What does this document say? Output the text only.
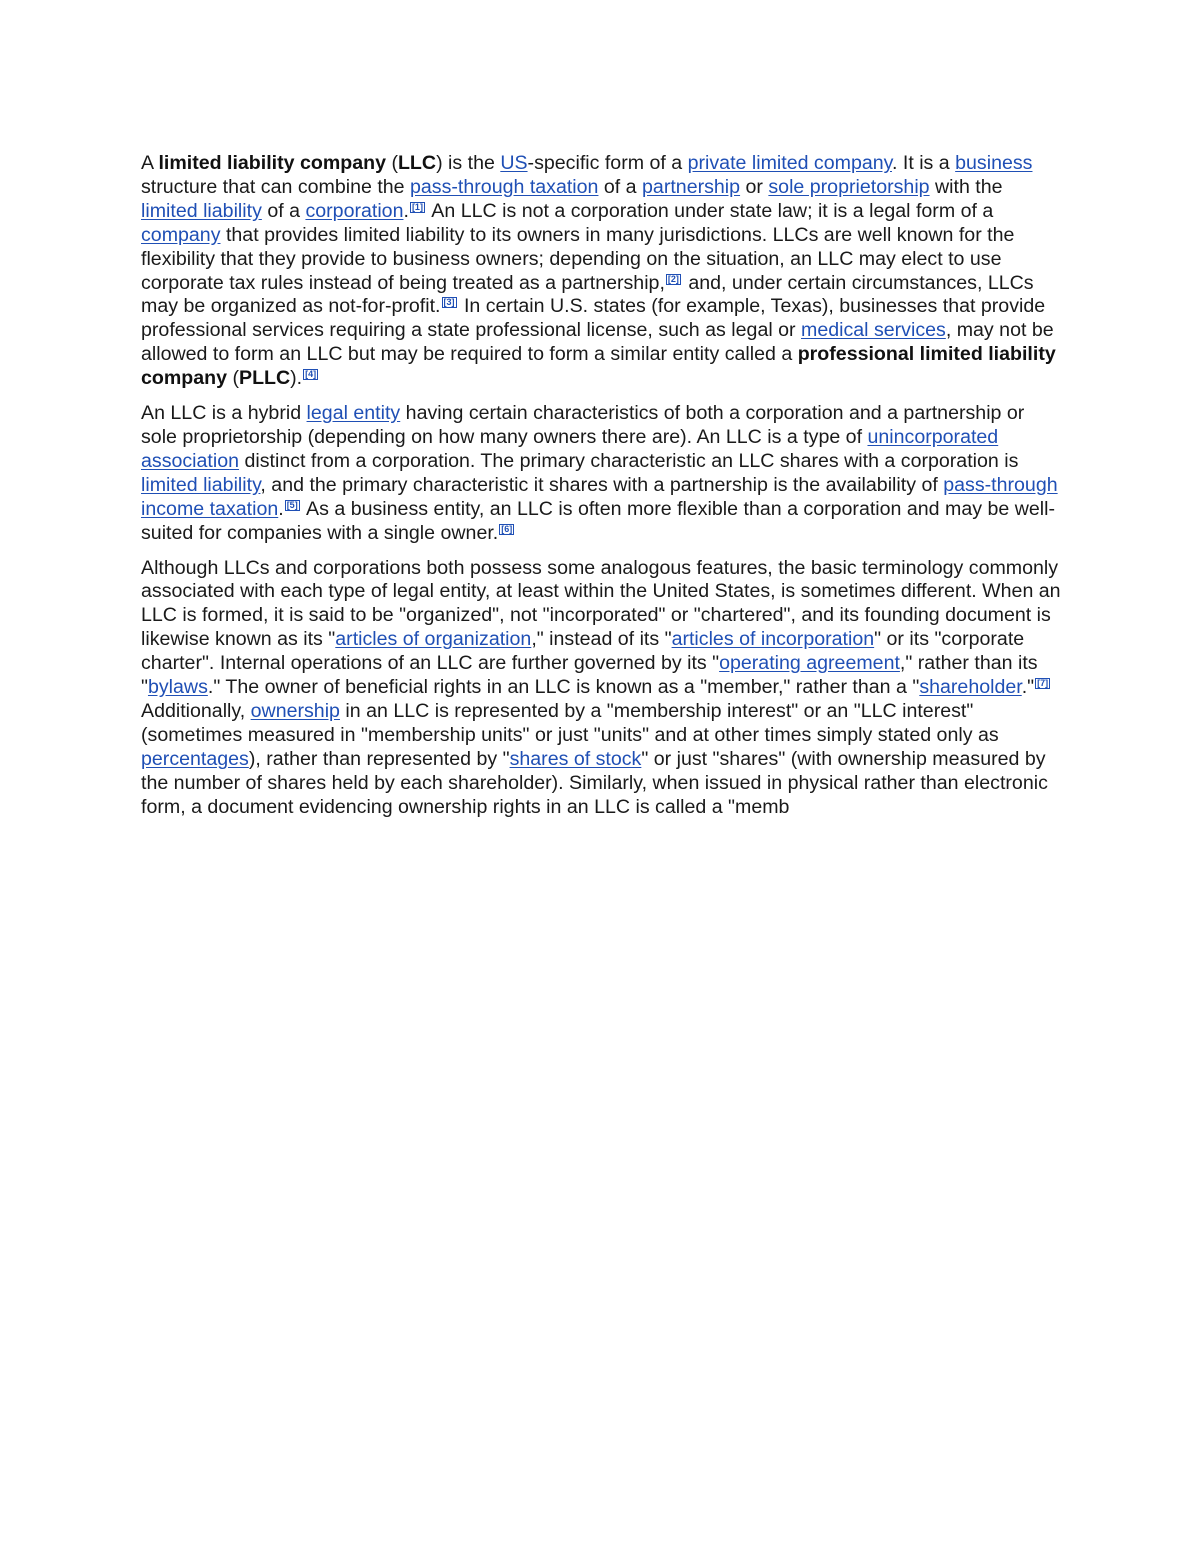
A limited liability company (LLC) is the US-specific form of a private limited company. It is a business structure that can combine the pass-through taxation of a partnership or sole proprietorship with the limited liability of a corporation. [1] An LLC is not a corporation under state law; it is a legal form of a company that provides limited liability to its owners in many jurisdictions. LLCs are well known for the flexibility that they provide to business owners; depending on the situation, an LLC may elect to use corporate tax rules instead of being treated as a partnership, [2] and, under certain circumstances, LLCs may be organized as not-for-profit. [3] In certain U.S. states (for example, Texas), businesses that provide professional services requiring a state professional license, such as legal or medical services, may not be allowed to form an LLC but may be required to form a similar entity called a professional limited liability company (PLLC). [4]

An LLC is a hybrid legal entity having certain characteristics of both a corporation and a partnership or sole proprietorship (depending on how many owners there are). An LLC is a type of unincorporated association distinct from a corporation. The primary characteristic an LLC shares with a corporation is limited liability, and the primary characteristic it shares with a partnership is the availability of pass-through income taxation. [5] As a business entity, an LLC is often more flexible than a corporation and may be well-suited for companies with a single owner. [6]

Although LLCs and corporations both possess some analogous features, the basic terminology commonly associated with each type of legal entity, at least within the United States, is sometimes different. When an LLC is formed, it is said to be "organized", not "incorporated" or "chartered", and its founding document is likewise known as its "articles of organization," instead of its "articles of incorporation" or its "corporate charter". Internal operations of an LLC are further governed by its "operating agreement," rather than its "bylaws." The owner of beneficial rights in an LLC is known as a "member," rather than a "shareholder." [7] Additionally, ownership in an LLC is represented by a "membership interest" or an "LLC interest" (sometimes measured in "membership units" or just "units" and at other times simply stated only as percentages), rather than represented by "shares of stock" or just "shares" (with ownership measured by the number of shares held by each shareholder). Similarly, when issued in physical rather than electronic form, a document evidencing ownership rights in an LLC is called a "memb
